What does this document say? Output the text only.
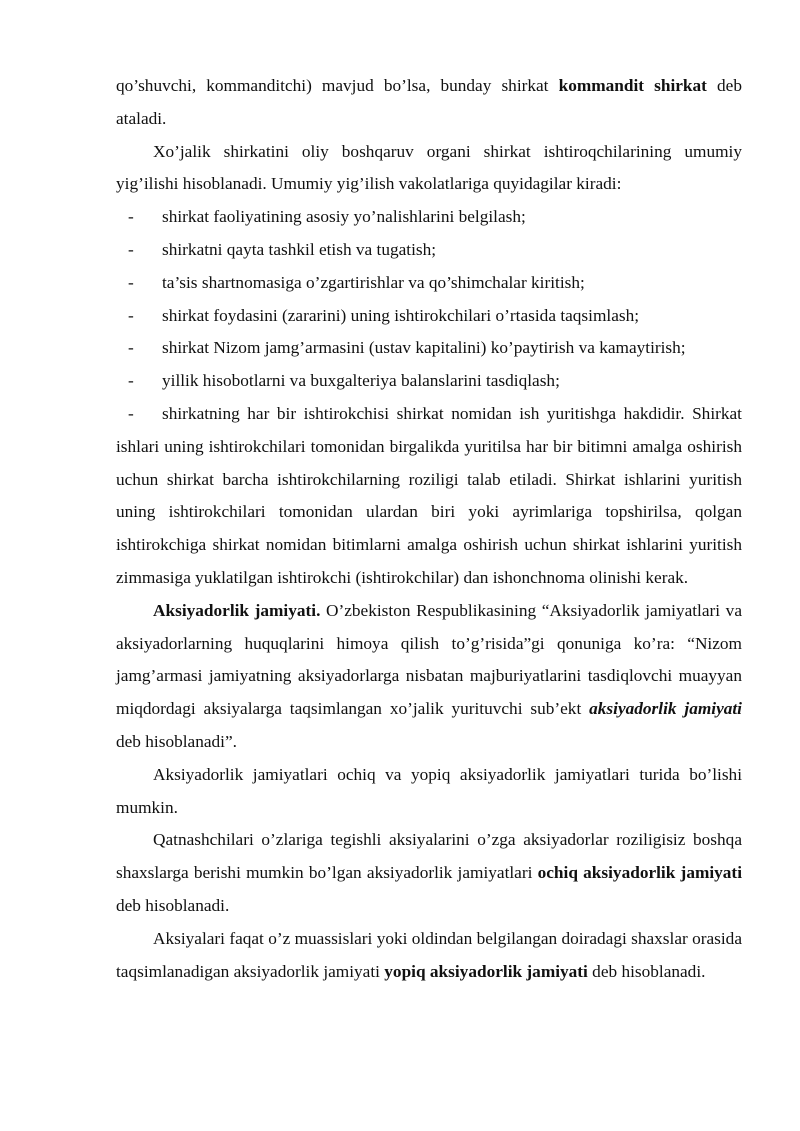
qo’shuvchi, kommanditchi) mavjud bo’lsa, bunday shirkat kommandit shirkat deb ataladi.

Xo’jalik shirkatini oliy boshqaruv organi shirkat ishtiroqchilarining umumiy yig’ilishi hisoblanadi. Umumiy yig’ilish vakolatlariga quyidagilar kiradi:

- shirkat faoliyatining asosiy yo’nalishlarini belgilash;

- shirkatni qayta tashkil etish va tugatish;

- ta’sis shartnomasiga o’zgartirishlar va qo’shimchalar kiritish;

- shirkat foydasini (zararini) uning ishtirokchilari o’rtasida taqsimlash;

- shirkat Nizom jamg’armasini (ustav kapitalini) ko’paytirish va kamaytirish;

- yillik hisobotlarni va buxgalteriya balanslarini tasdiqlash;

- shirkatning har bir ishtirokchisi shirkat nomidan ish yuritishga hakdidir. Shirkat ishlari uning ishtirokchilari tomonidan birgalikda yuritilsa har bir bitimni amalga oshirish uchun shirkat barcha ishtirokchilarning roziligi talab etiladi. Shirkat ishlarini yuritish uning ishtirokchilari tomonidan ulardan biri yoki ayrimlariga topshirilsa, qolgan ishtirokchiga shirkat nomidan bitimlarni amalga oshirish uchun shirkat ishlarini yuritish zimmasiga yuklatilgan ishtirokchi (ishtirokchilar) dan ishonchnoma olinishi kerak.

Aksiyadorlik jamiyati. O’zbekiston Respublikasining “Aksiyadorlik jamiyatlari va aksiyadorlarning huquqlarini himoya qilish to’g’risida”gi qonuniga ko’ra: “Nizom jamg’armasi jamiyatning aksiyadorlarga nisbatan majburiyatlarini tasdiqlovchi muayyan miqdordagi aksiyalarga taqsimlangan xo’jalik yurituvchi sub’ekt aksiyadorlik jamiyati deb hisoblanadi”.

Aksiyadorlik jamiyatlari ochiq va yopiq aksiyadorlik jamiyatlari turida bo’lishi mumkin.

Qatnashchilari o’zlariga tegishli aksiyalarini o’zga aksiyadorlar roziligisiz boshqa shaxslarga berishi mumkin bo’lgan aksiyadorlik jamiyatlari ochiq aksiyadorlik jamiyati deb hisoblanadi.

Aksiyalari faqat o’z muassislari yoki oldindan belgilangan doiradagi shaxslar orasida taqsimlanadigan aksiyadorlik jamiyati yopiq aksiyadorlik jamiyati deb hisoblanadi.
